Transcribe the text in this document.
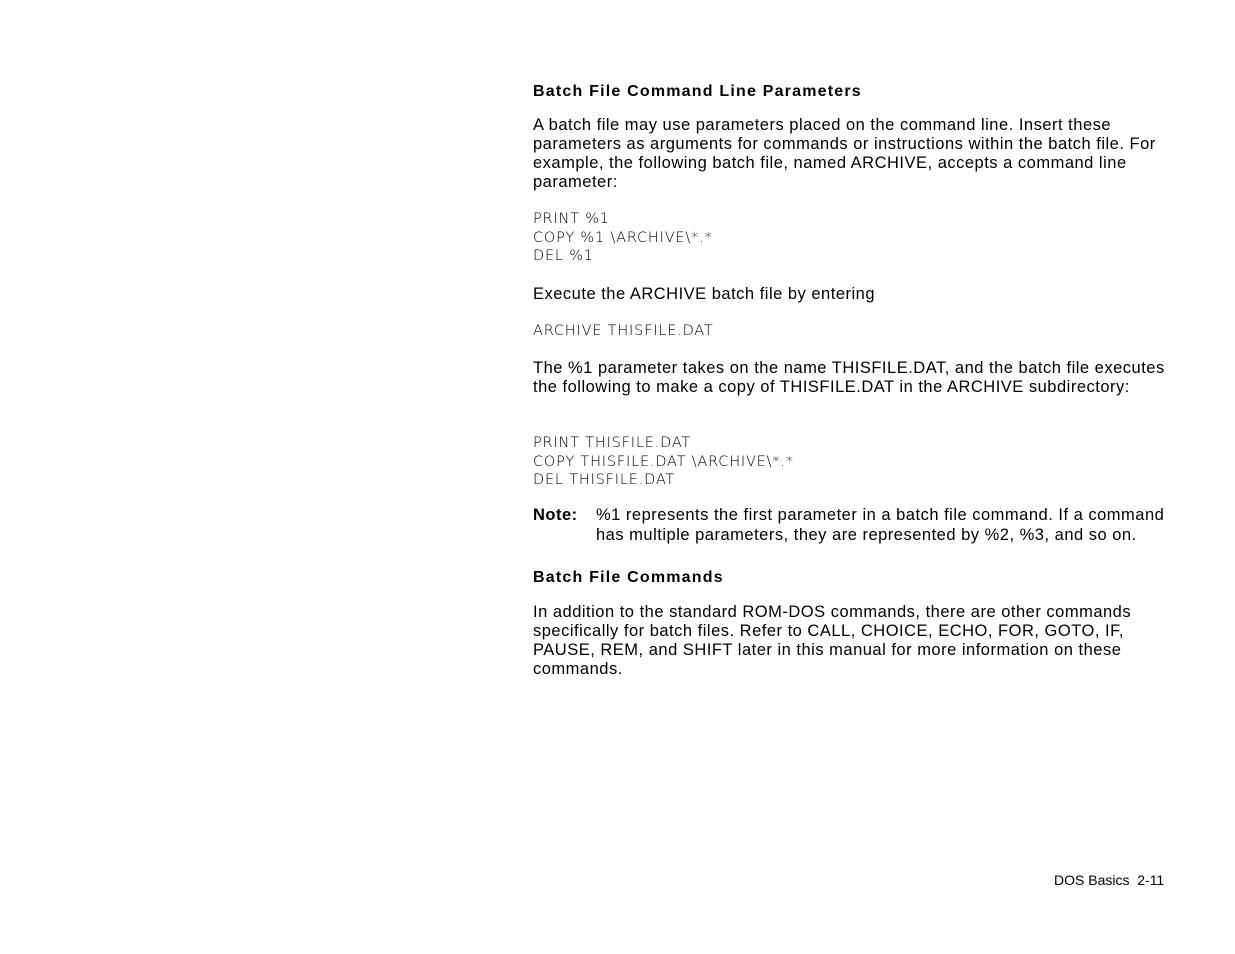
Batch File Command Line Parameters
A batch file may use parameters placed on the command line. Insert these parameters as arguments for commands or instructions within the batch file. For example, the following batch file, named ARCHIVE, accepts a command line parameter:
PRINT %1
COPY %1 \ARCHIVE\*.*
DEL %1
Execute the ARCHIVE batch file by entering
ARCHIVE THISFILE.DAT
The %1 parameter takes on the name THISFILE.DAT, and the batch file executes the following to make a copy of THISFILE.DAT in the ARCHIVE subdirectory:
PRINT THISFILE.DAT
COPY THISFILE.DAT \ARCHIVE\*.*
DEL THISFILE.DAT
Note: %1 represents the first parameter in a batch file command. If a command has multiple parameters, they are represented by %2, %3, and so on.
Batch File Commands
In addition to the standard ROM-DOS commands, there are other commands specifically for batch files. Refer to CALL, CHOICE, ECHO, FOR, GOTO, IF, PAUSE, REM, and SHIFT later in this manual for more information on these commands.
DOS Basics  2-11
